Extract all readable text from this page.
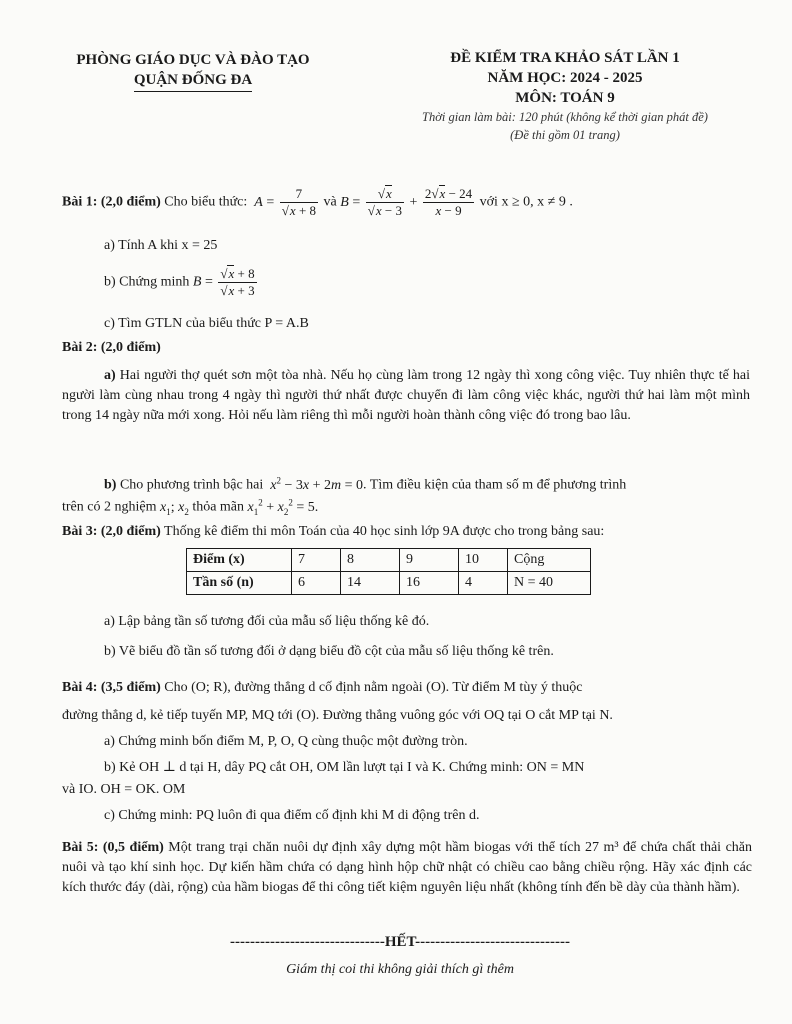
PHÒNG GIÁO DỤC VÀ ĐÀO TẠO
QUẬN ĐỐNG ĐA
ĐỀ KIỂM TRA KHẢO SÁT LẦN 1
NĂM HỌC: 2024 - 2025
MÔN: TOÁN 9
Thời gian làm bài: 120 phút (không kể thời gian phát đề)
(Đề thi gồm 01 trang)
Bài 1: (2,0 điểm) Cho biểu thức: $A = \frac{7}{√x + 8}$ và $B = \frac{√x}{√x - 3} + \frac{2√x - 24}{x - 9}$ với x ≥ 0, x ≠ 9 .
a) Tính A khi x = 25
b) Chứng minh $B = \frac{√x + 8}{√x + 3}$
c) Tìm GTLN của biểu thức P = A.B
Bài 2: (2,0 điểm)
a) Hai người thợ quét sơn một tòa nhà. Nếu họ cùng làm trong 12 ngày thì xong công việc. Tuy nhiên thực tế hai người làm cùng nhau trong 4 ngày thì người thứ nhất được chuyển đi làm công việc khác, người thứ hai làm một mình trong 14 ngày nữa mới xong. Hỏi nếu làm riêng thì mỗi người hoàn thành công việc đó trong bao lâu.
b) Cho phương trình bậc hai $x^2 - 3x + 2m = 0$. Tìm điều kiện của tham số m để phương trình
trên có 2 nghiệm $x_1$; $x_2$ thỏa mãn $x_1^2 + x_2^2 = 5$.
Bài 3: (2,0 điểm) Thống kê điểm thi môn Toán của 40 học sinh lớp 9A được cho trong bảng sau:
Điểm (x)	7	8	9	10	Cộng
Tần số (n)	6	14	16	4	N = 40
a) Lập bảng tần số tương đối của mẫu số liệu thống kê đó.
b) Vẽ biểu đồ tần số tương đối ở dạng biểu đồ cột của mẫu số liệu thống kê trên.
Bài 4: (3,5 điểm) Cho (O; R), đường thẳng d cố định nằm ngoài (O). Từ điểm M tùy ý thuộc
đường thẳng d, kẻ tiếp tuyến MP, MQ tới (O). Đường thẳng vuông góc với OQ tại O cắt MP tại N.
a) Chứng minh bốn điểm M, P, O, Q cùng thuộc một đường tròn.
b) Kẻ OH ⊥ d tại H, dây PQ cắt OH, OM lần lượt tại I và K. Chứng minh: ON = MN
và IO. OH = OK. OM
c) Chứng minh: PQ luôn đi qua điểm cố định khi M di động trên d.
Bài 5: (0,5 điểm) Một trang trại chăn nuôi dự định xây dựng một hầm biogas với thể tích 27 m³ để chứa chất thải chăn nuôi và tạo khí sinh học. Dự kiến hầm chứa có dạng hình hộp chữ nhật có chiều cao bằng chiều rộng. Hãy xác định các kích thước đáy (dài, rộng) của hầm biogas để thi công tiết kiệm nguyên liệu nhất (không tính đến bề dày của thành hầm).
-------------------------------HẾT-------------------------------
Giám thị coi thi không giải thích gì thêm
